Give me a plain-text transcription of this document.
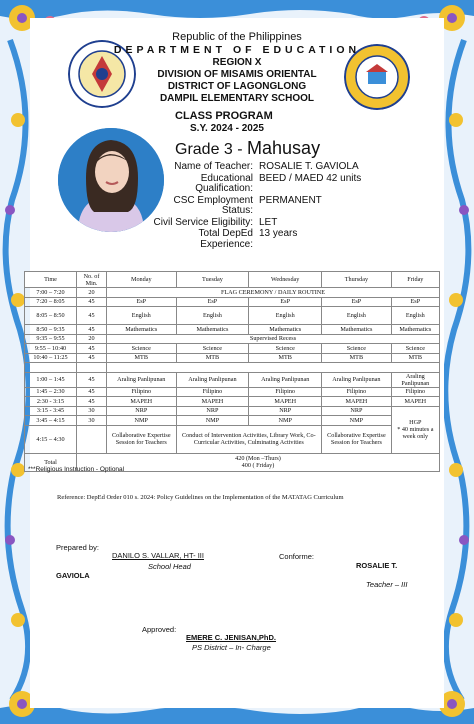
Republic of the Philippines
DEPARTMENT OF EDUCATION
REGION X
DIVISION OF MISAMIS ORIENTAL
DISTRICT OF LAGONGLONG
DAMPIL ELEMENTARY SCHOOL
CLASS PROGRAM
S.Y. 2024 - 2025
Grade 3 - Mahusay
Name of Teacher: ROSALIE T. GAVIOLA
Educational Qualification:
BEED / MAED 42 units
CSC Employment Status:
PERMANENT
Civil Service Eligibility: LET
Total DepEd Experience:
13 years
Time	No. of Min.	Monday	Tuesday	Wednesday	Thursday	Friday
7:00 – 7:20	20	FLAG CEREMONY / DAILY ROUTINE				
7:20 – 8:05	45	EsP	EsP	EsP	EsP	EsP
8:05 – 8:50	45	English	English	English	English	English
8:50 – 9:35	45	Mathematics	Mathematics	Mathematics	Mathematics	Mathematics
9:35 – 9:55	20	Supervised Recess				
9:55 – 10:40	45	Science	Science	Science	Science	Science
10:40 – 11:25	45	MTB	MTB	MTB	MTB	MTB

1:00 – 1:45	45	Araling Panlipunan	Araling Panlipunan	Araling Panlipunan	Araling Panlipunan	Araling Panlipunan
1:45 – 2:30	45	Filipino	Filipino	Filipino	Filipino	Filipino
2:30 - 3:15	45	MAPEH	MAPEH	MAPEH	MAPEH	MAPEH
3:15 - 3:45	30	NRP	NRP	NRP	NRP	HGP
* 40 minutes a week only
3:45 – 4:15	30	NMP	NMP	NMP	NMP	
4:15 – 4:30		Collaborative Expertise Session for Teachers	Conduct of Intervention Activities, Library Work, Co- Curricular Activities, Culminating Activities		Collaborative Expertise Session for Teachers	
Total	420 (Mon –Thurs)
400 ( Friday)					
***Religious Instruction - Optional
Reference: DepEd Order 010 s. 2024: Policy Guidelines on the Implementation of the MATATAG Curriculum
Prepared by:
DANILO S. VALLAR, HT- III
School Head
Conforme:
ROSALIE T.
GAVIOLA
Teacher – III
Approved:
EMERE C. JENISAN,PhD.
PS District – In- Charge
